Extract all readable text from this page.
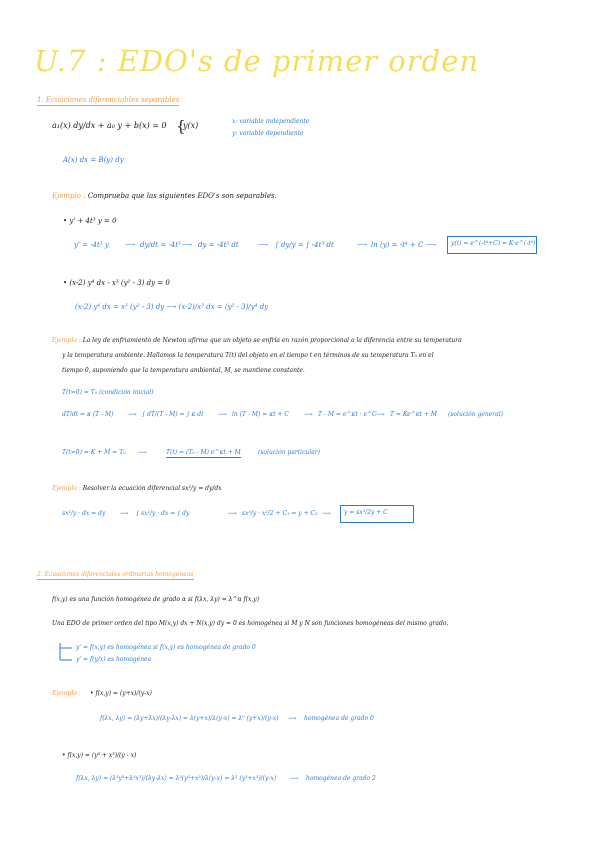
U.7 : EDO's de primer orden
1. Ecuaciones diferenciables separables
a₁(x) dy/dx + a₀ y + b(x) = 0 {
y(x)	x: variable independiente
y: variable dependiente
A(x) dx = B(y) dy
Ejemplo : Comprueba que las siguientes EDO's son separables.
• y' + 4t³ y = 0
y' = -4t³ y ⟶ dy/dt = -4t³ ⟶ dy = -4t³ dt	⟶ ∫ dy/y = ∫ -4t³ dt	⟶ ln (y) = -t⁴ + C ⟶ y(t) = e^(-t⁴+C) = K·e^(-t⁴)
• (x-2) y⁴ dx - x³ (y² - 3) dy = 0
(x-2) y⁴ dx = x³ (y² - 3) dy ⟶ (x-2)/x³ dx = (y² - 3)/y⁴ dy
Ejemplo : La ley de enfriamiento de Newton afirma que un objeto se enfría en razón proporcional a la diferencia entre su temperatura
y la temperatura ambiente. Hallamos la temperatura T(t) del objeto en el tiempo t en términos de su temperatura T₀ en el
tiempo 0, suponiendo que la temperatura ambiental, M, se mantiene constante.
T(t=0) = T₀ (condición inicial)
dT/dt = κ (T - M) ⟶ ∫ dT/(T - M) = ∫ κ dt ⟶ ln (T - M) = κt + C	⟶ T - M = e^κt · e^C ⟶ T = Ke^κt + M (solución general)
T(t=0) = K + M = T₀ ⟶	T(t) = (T₀ - M) e^κt + M	(solución particular)
Ejemplo : Resolver la ecuación diferencial sx²/y = dy/dx
sx²/y · dx = dy ⟶ ∫ sx²/y · dx = ∫ dy	⟶ sx³/y · x²/2 + C₁ = y + C₂ ⟶ y = sx³/2y + C
2. Ecuaciones diferenciales ordinarias homogéneas
f(x,y) es una función homogénea de grado α si f(λx, λy) = λ^α f(x,y)
Una EDO de primer orden del tipo M(x,y) dx + N(x,y) dy = 0 es homogénea si M y N son funciones homogéneas del mismo grado.
y' = f(x,y) es homogénea si f(x,y) es homogénea de grado 0
y' = f(y/x) es homogénea
Ejemplo : • f(x,y) = (y+x)/(y-x)
f(λx, λy) = (λy+λx)/(λy-λx) = λ(y+x)/λ(y-x) = λ⁰ (y+x)/(y-x) ⟶ homogénea de grado 0
• f(x,y) = (y³ + x³)/(y - x)
f(λx, λy) = (λ³y³+λ³x³)/(λy-λx) = λ³(y³+x³)/λ(y-x) = λ² (y³+x³)/(y-x) ⟶ homogénea de grado 2
